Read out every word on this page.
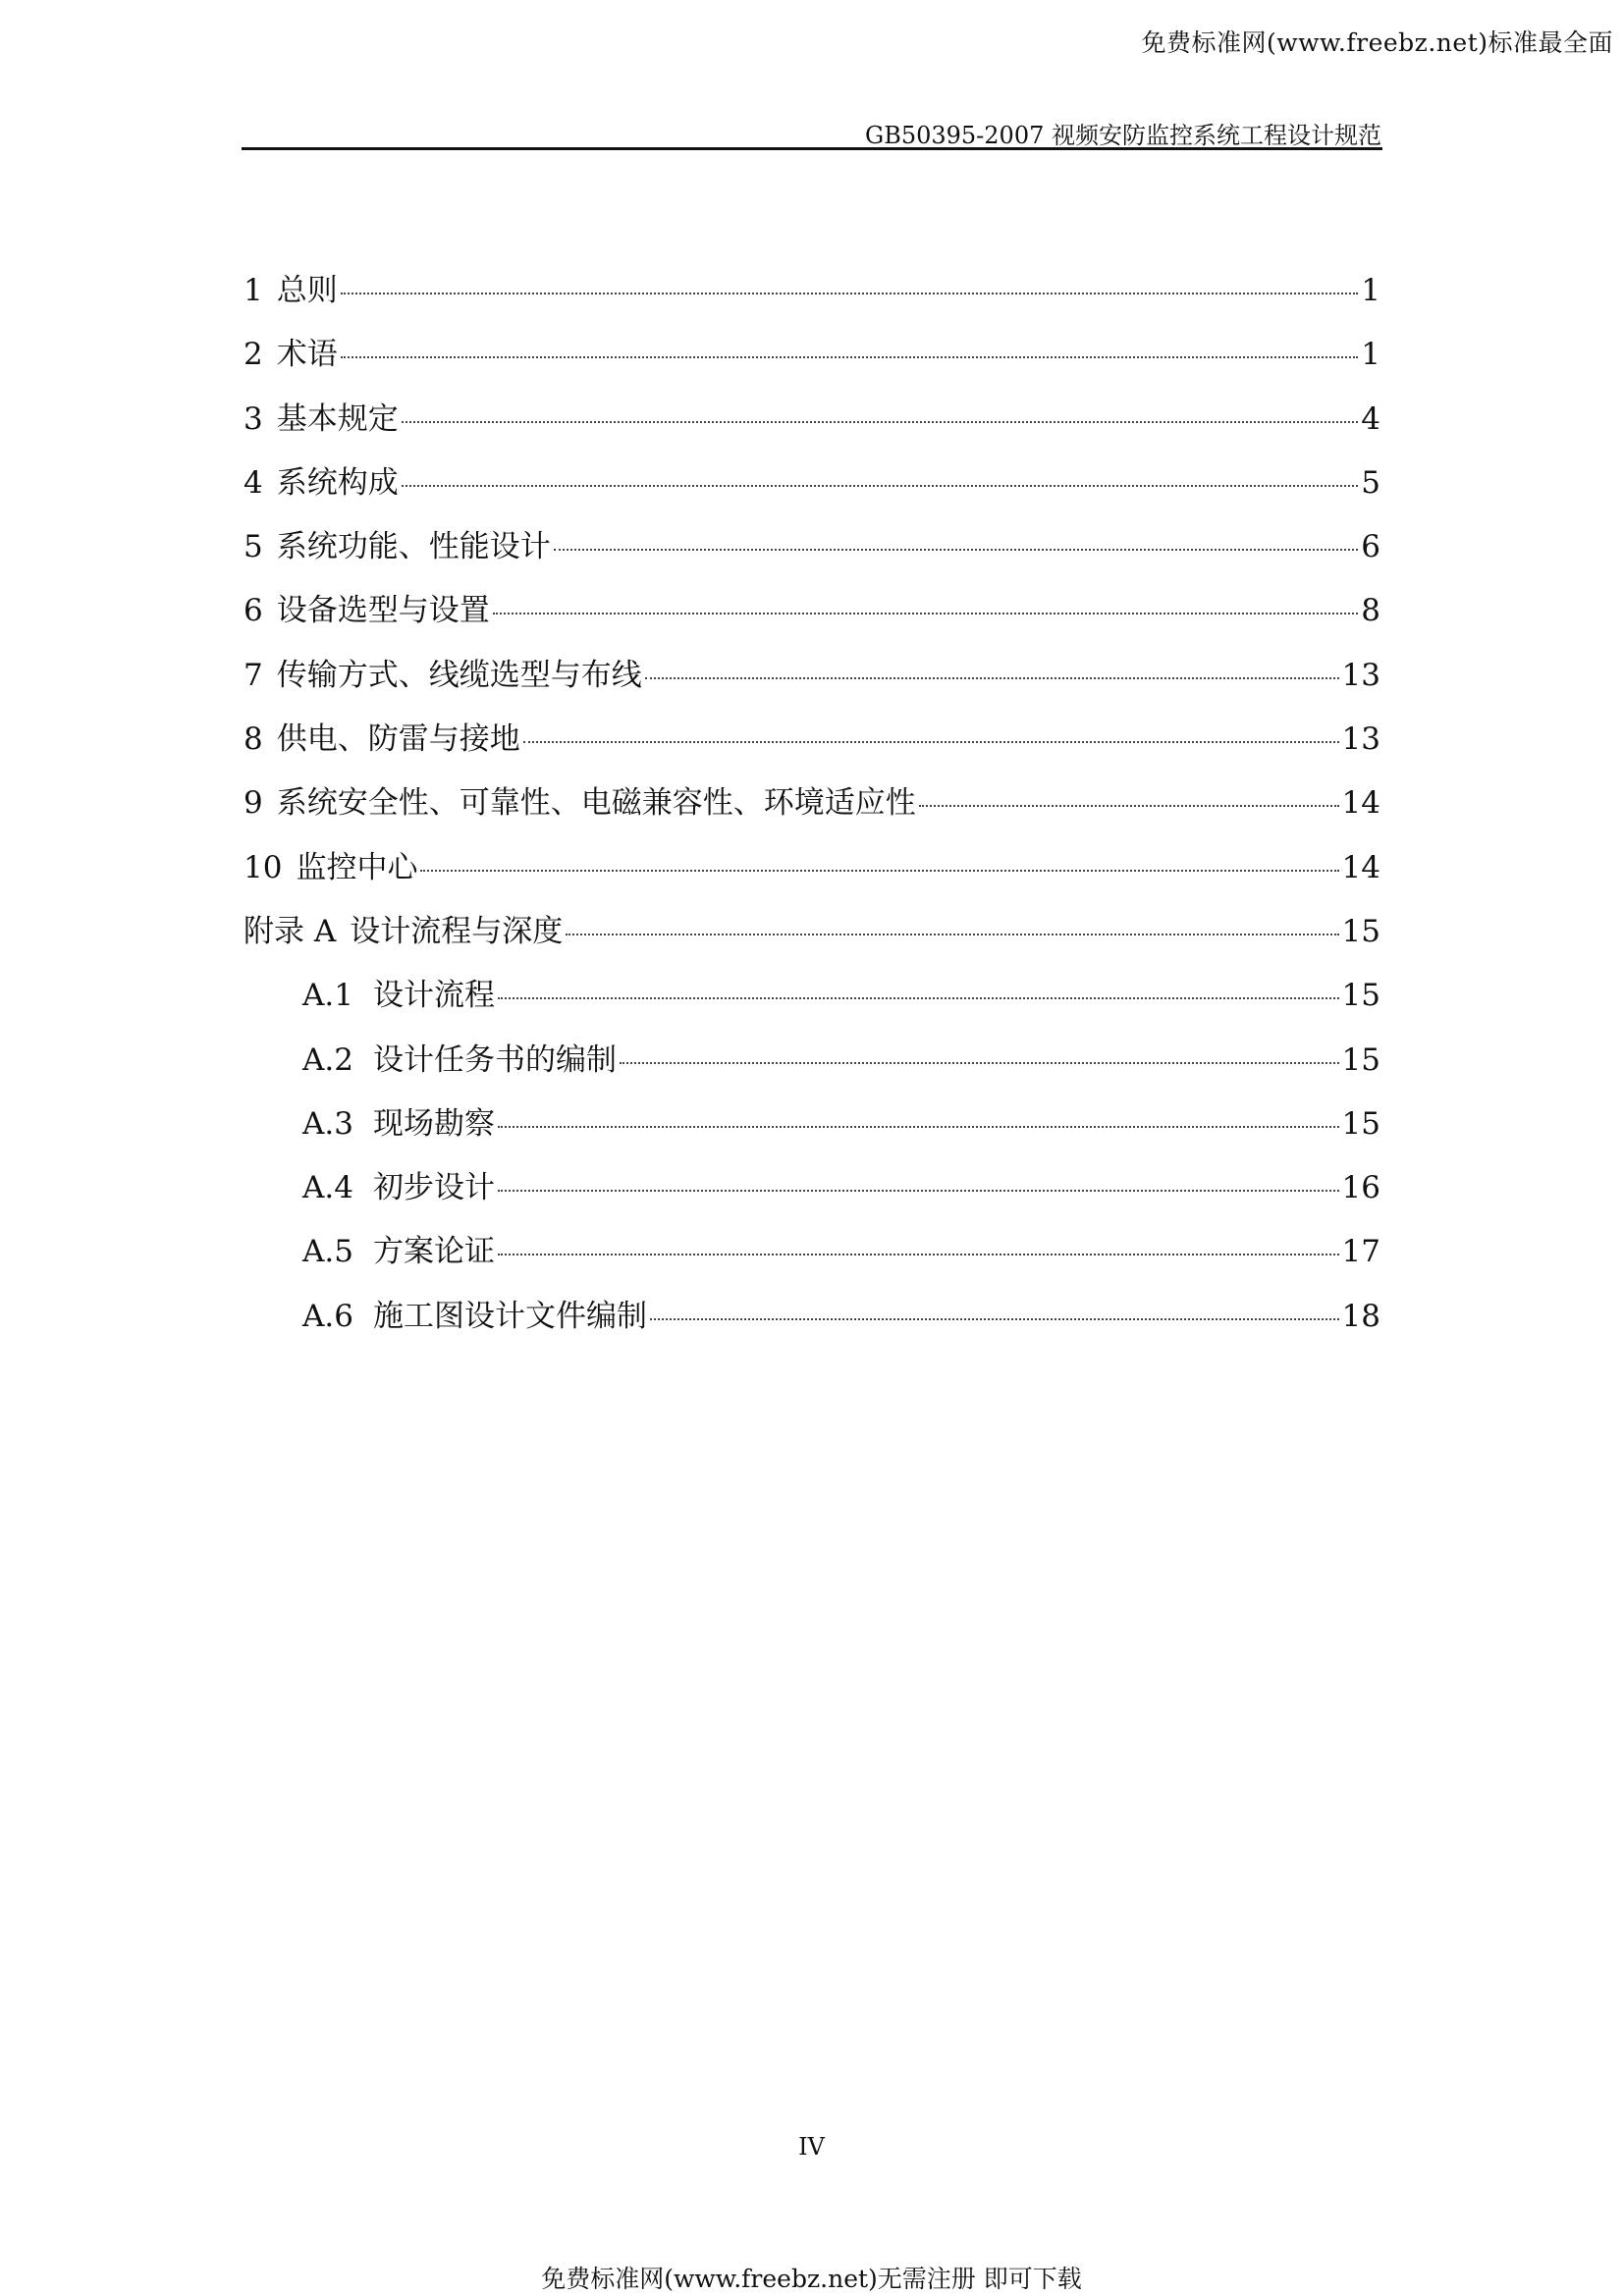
免费标准网(www.freebz.net)标准最全面
GB50395-2007 视频安防监控系统工程设计规范
1 总则	1
2 术语	1
3 基本规定	4
4 系统构成	5
5 系统功能、性能设计	6
6 设备选型与设置	8
7 传输方式、线缆选型与布线	13
8 供电、防雷与接地	13
9 系统安全性、可靠性、电磁兼容性、环境适应性	14
10 监控中心	14
附录 A 设计流程与深度	15
A.1 设计流程	15
A.2 设计任务书的编制	15
A.3 现场勘察	15
A.4 初步设计	16
A.5 方案论证	17
A.6 施工图设计文件编制	18
IV
免费标准网(www.freebz.net)无需注册 即可下载
